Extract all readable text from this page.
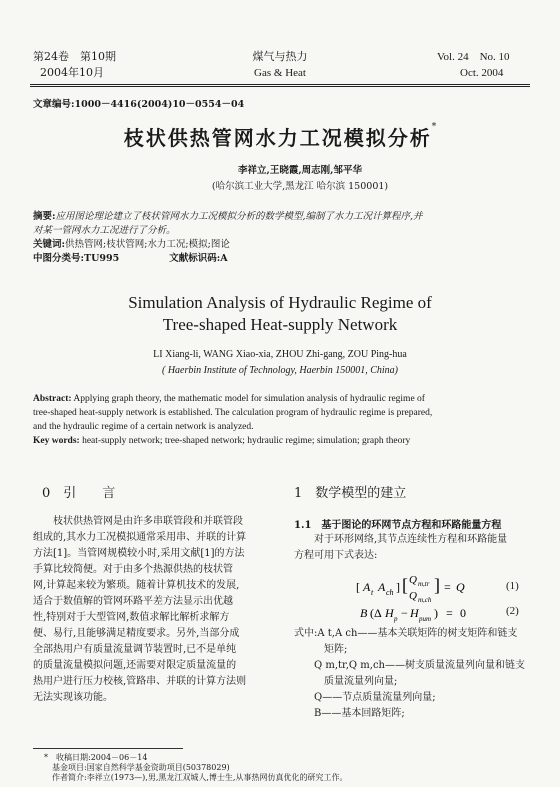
第24卷　第10期
2004年10月
煤气与热力
Gas & Heat
Vol. 24　No. 10
Oct. 2004
文章编号:1000－4416(2004)10－0554－04
枝状供热管网水力工况模拟分析*
李祥立,王晓霞,周志刚,邹平华
(哈尔滨工业大学,黑龙江 哈尔滨 150001)
摘要:应用图论理论建立了枝状管网水力工况模拟分析的数学模型,编制了水力工况计算程序,并
对某一管网水力工况进行了分析。
关键词:供热管网;枝状管网;水力工况;模拟;图论
中图分类号:TU995	文献标识码:A
Simulation Analysis of Hydraulic Regime of
Tree-shaped Heat-supply Network
LI Xiang-li, WANG Xiao-xia, ZHOU Zhi-gang, ZOU Ping-hua
( Haerbin Institute of Technology, Haerbin 150001, China)
Abstract: Applying graph theory, the mathematic model for simulation analysis of hydraulic regime of
tree-shaped heat-supply network is established. The calculation program of hydraulic regime is prepared,
and the hydraulic regime of a certain network is analyzed.
Key words: heat-supply network; tree-shaped network; hydraulic regime; simulation; graph theory
0　引　　言
　　枝状供热管网是由许多串联管段和并联管段
组成的,其水力工况模拟通常采用串、并联的计算
方法[1]。当管网规模较小时,采用文献[1]的方法
手算比较简便。对于由多个热源供热的枝状管
网,计算起来较为繁琐。随着计算机技术的发展,
适合于数值解的管网环路平差方法显示出优越
性,特别对于大型管网,数值求解比解析求解方
便、易行,且能够满足精度要求。另外,当部分成
全部热用户有质量流量调节装置时,已不是单纯
的质量流量模拟问题,还需要对限定质量流量的
热用户进行压力校核,管路串、并联的计算方法则
无法实现该功能。
1　数学模型的建立
1.1　基于图论的环网节点方程和环路能量方程
　　对于环形网络,其节点连续性方程和环路能量
方程可用下式表达:
[ A t A ch ] [ Q m,tr
Q m,ch
] = Q	(1)
B (Δ H p − H pum ) = 0	(2)
式中:A t,A ch——基本关联矩阵的树支矩阵和链支
　　　矩阵;
　　Q m,tr,Q m,ch——树支质量流量列向量和链支
　　　质量流量列向量;
　　Q——节点质量流量列向量;
　　B——基本回路矩阵;
*　收稿日期:2004－06－14
　基金项目:国家自然科学基金资助项目(50378029)
　作者简介:李祥立(1973—),男,黑龙江双城人,博士生,从事热网仿真优化的研究工作。
